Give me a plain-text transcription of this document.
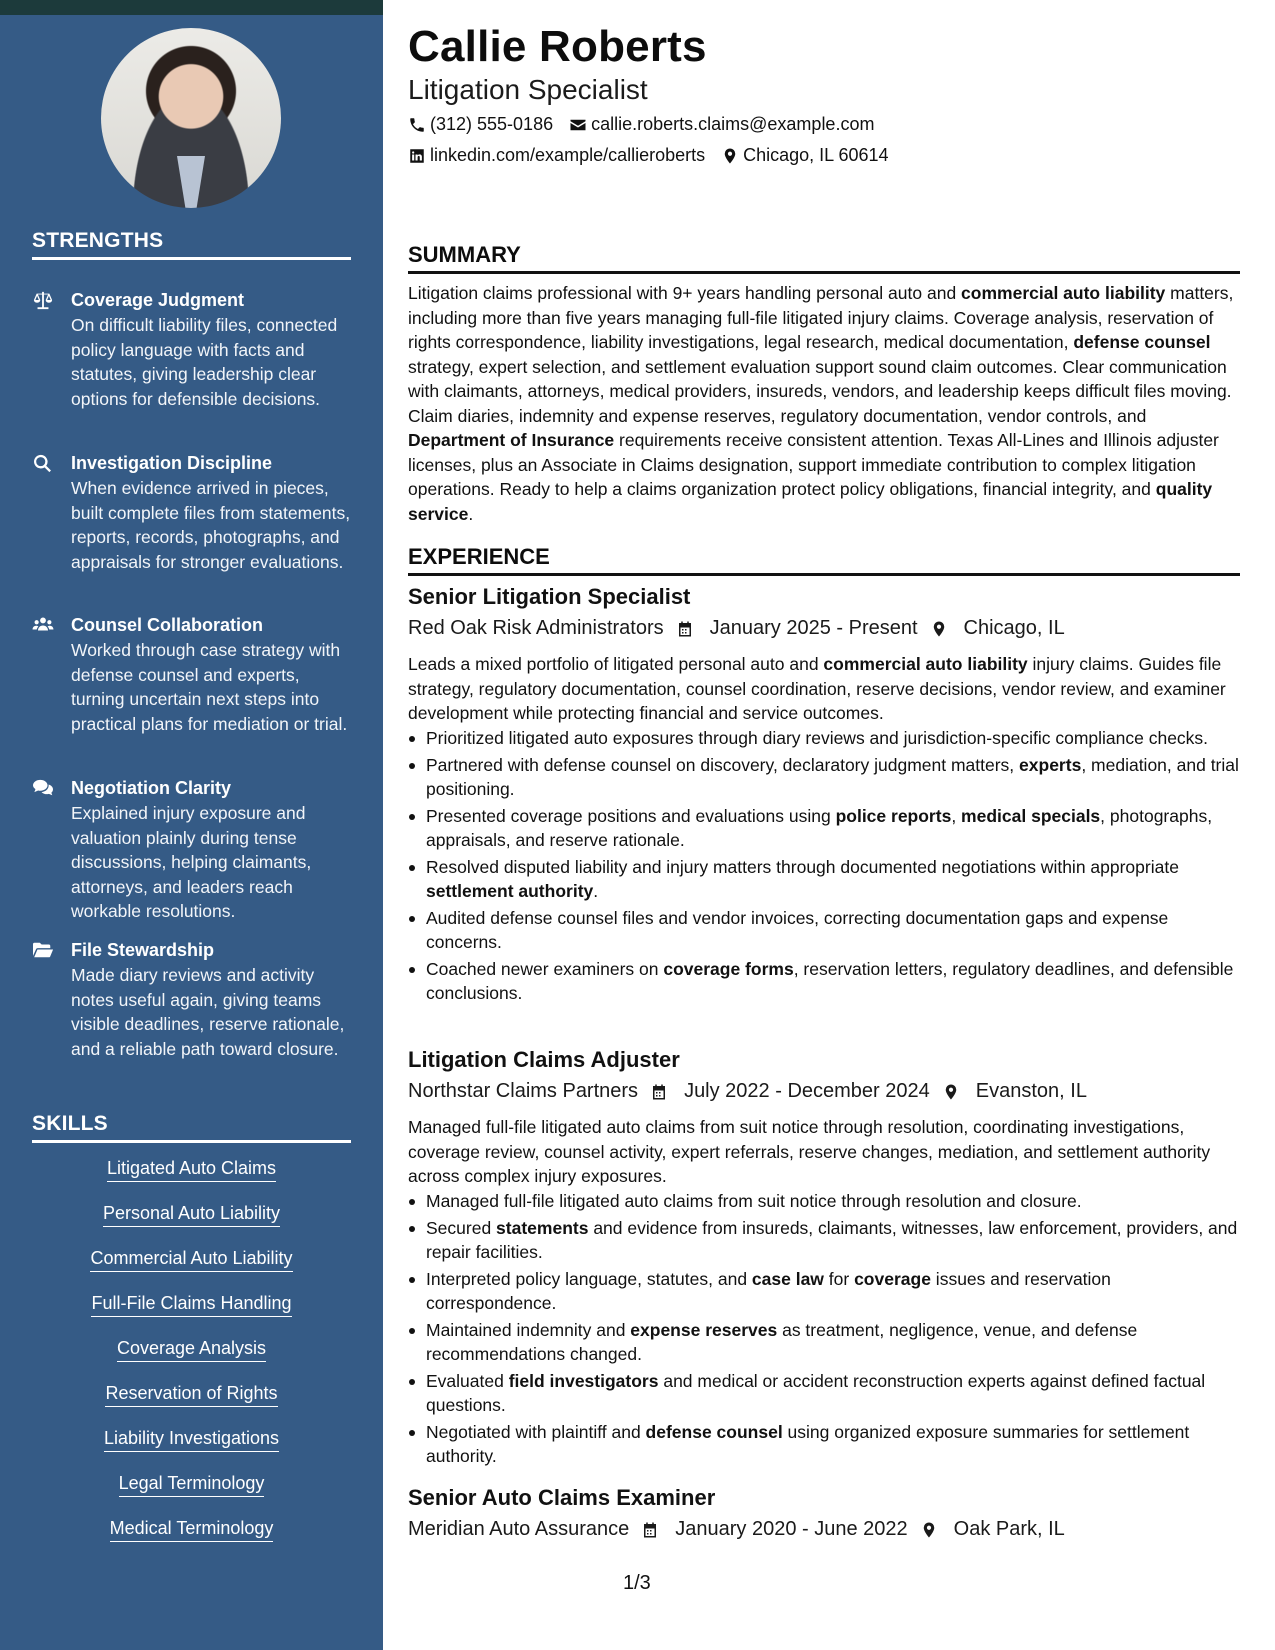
STRENGTHS
Coverage Judgment
On difficult liability files, connected policy language with facts and statutes, giving leadership clear options for defensible decisions.
Investigation Discipline
When evidence arrived in pieces, built complete files from statements, reports, records, photographs, and appraisals for stronger evaluations.
Counsel Collaboration
Worked through case strategy with defense counsel and experts, turning uncertain next steps into practical plans for mediation or trial.
Negotiation Clarity
Explained injury exposure and valuation plainly during tense discussions, helping claimants, attorneys, and leaders reach workable resolutions.
File Stewardship
Made diary reviews and activity notes useful again, giving teams visible deadlines, reserve rationale, and a reliable path toward closure.
SKILLS
Litigated Auto Claims
Personal Auto Liability
Commercial Auto Liability
Full-File Claims Handling
Coverage Analysis
Reservation of Rights
Liability Investigations
Legal Terminology
Medical Terminology
Callie Roberts
Litigation Specialist
(312) 555-0186 callie.roberts.claims@example.com
linkedin.com/example/callieroberts Chicago, IL 60614
SUMMARY
Litigation claims professional with 9+ years handling personal auto and commercial auto liability matters, including more than five years managing full-file litigated injury claims. Coverage analysis, reservation of rights correspondence, liability investigations, legal research, medical documentation, defense counsel strategy, expert selection, and settlement evaluation support sound claim outcomes. Clear communication with claimants, attorneys, medical providers, insureds, vendors, and leadership keeps difficult files moving. Claim diaries, indemnity and expense reserves, regulatory documentation, vendor controls, and Department of Insurance requirements receive consistent attention. Texas All-Lines and Illinois adjuster licenses, plus an Associate in Claims designation, support immediate contribution to complex litigation operations. Ready to help a claims organization protect policy obligations, financial integrity, and quality service.
EXPERIENCE
Senior Litigation Specialist
Red Oak Risk Administrators January 2025 - Present Chicago, IL
Leads a mixed portfolio of litigated personal auto and commercial auto liability injury claims. Guides file strategy, regulatory documentation, counsel coordination, reserve decisions, vendor review, and examiner development while protecting financial and service outcomes.
Prioritized litigated auto exposures through diary reviews and jurisdiction-specific compliance checks.
Partnered with defense counsel on discovery, declaratory judgment matters, experts, mediation, and trial positioning.
Presented coverage positions and evaluations using police reports, medical specials, photographs, appraisals, and reserve rationale.
Resolved disputed liability and injury matters through documented negotiations within appropriate settlement authority.
Audited defense counsel files and vendor invoices, correcting documentation gaps and expense concerns.
Coached newer examiners on coverage forms, reservation letters, regulatory deadlines, and defensible conclusions.
Litigation Claims Adjuster
Northstar Claims Partners July 2022 - December 2024 Evanston, IL
Managed full-file litigated auto claims from suit notice through resolution, coordinating investigations, coverage review, counsel activity, expert referrals, reserve changes, mediation, and settlement authority across complex injury exposures.
Managed full-file litigated auto claims from suit notice through resolution and closure.
Secured statements and evidence from insureds, claimants, witnesses, law enforcement, providers, and repair facilities.
Interpreted policy language, statutes, and case law for coverage issues and reservation correspondence.
Maintained indemnity and expense reserves as treatment, negligence, venue, and defense recommendations changed.
Evaluated field investigators and medical or accident reconstruction experts against defined factual questions.
Negotiated with plaintiff and defense counsel using organized exposure summaries for settlement authority.
Senior Auto Claims Examiner
Meridian Auto Assurance January 2020 - June 2022 Oak Park, IL
1/3
